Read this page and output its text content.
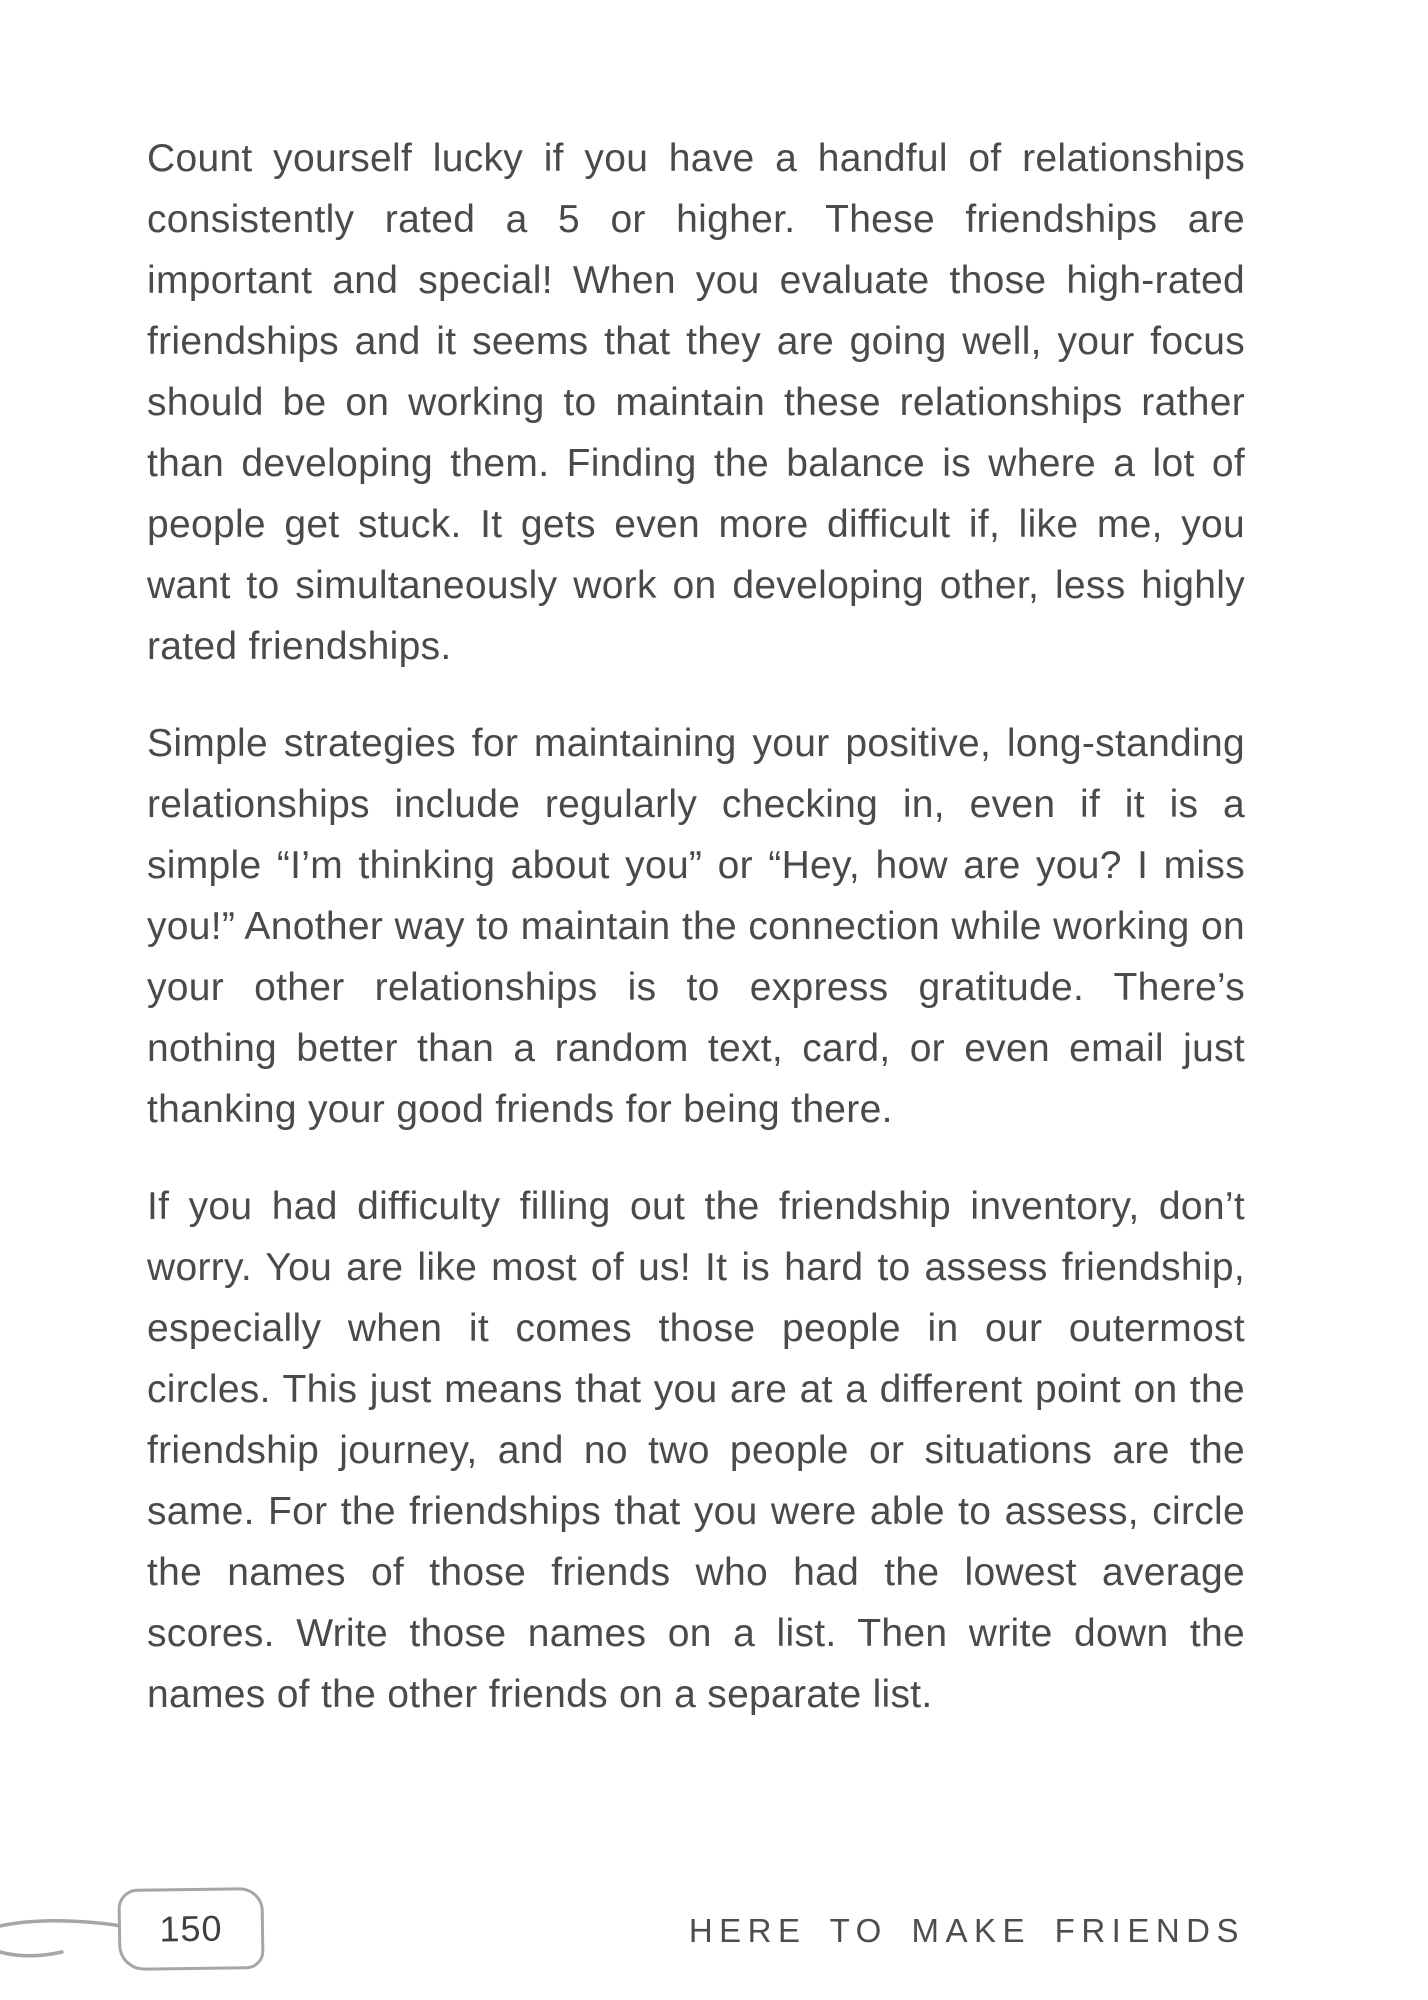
Count yourself lucky if you have a handful of relationships consistently rated a 5 or higher. These friendships are important and special! When you evaluate those high-rated friendships and it seems that they are going well, your focus should be on working to maintain these relationships rather than developing them. Finding the balance is where a lot of people get stuck. It gets even more difficult if, like me, you want to simultaneously work on developing other, less highly rated friendships.

Simple strategies for maintaining your positive, long-standing relationships include regularly checking in, even if it is a simple “I’m thinking about you” or “Hey, how are you? I miss you!” Another way to maintain the connection while working on your other relationships is to express gratitude. There’s nothing better than a random text, card, or even email just thanking your good friends for being there.

If you had difficulty filling out the friendship inventory, don’t worry. You are like most of us! It is hard to assess friendship, especially when it comes those people in our outermost circles. This just means that you are at a different point on the friendship journey, and no two people or situations are the same. For the friendships that you were able to assess, circle the names of those friends who had the lowest average scores. Write those names on a list. Then write down the names of the other friends on a separate list.

150	HERE TO MAKE FRIENDS
